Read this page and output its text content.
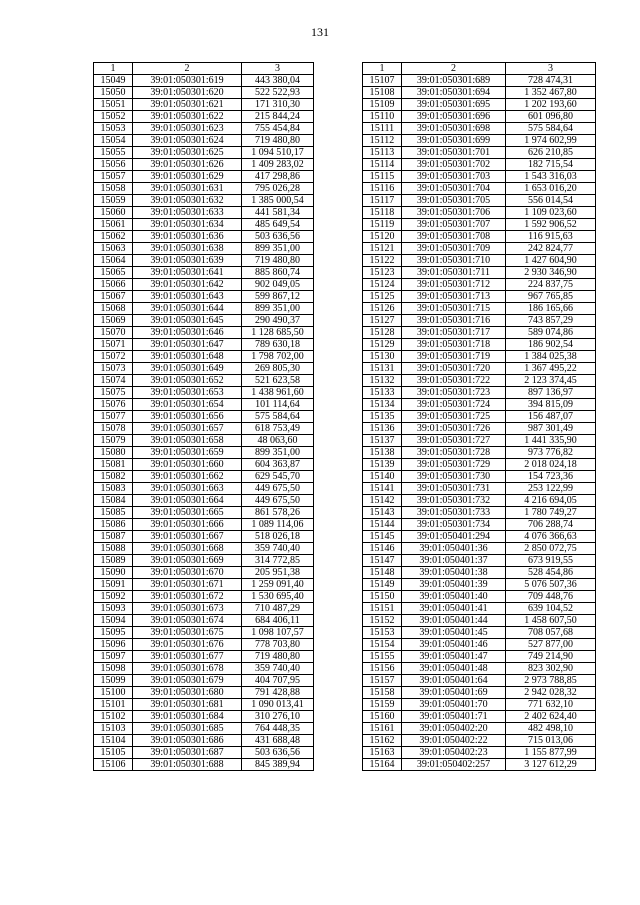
131
1	2	3
15049	39:01:050301:619	443 380,04
15050	39:01:050301:620	522 522,93
15051	39:01:050301:621	171 310,30
15052	39:01:050301:622	215 844,24
15053	39:01:050301:623	755 454,84
15054	39:01:050301:624	719 480,80
15055	39:01:050301:625	1 094 510,17
15056	39:01:050301:626	1 409 283,02
15057	39:01:050301:629	417 298,86
15058	39:01:050301:631	795 026,28
15059	39:01:050301:632	1 385 000,54
15060	39:01:050301:633	441 581,34
15061	39:01:050301:634	485 649,54
15062	39:01:050301:636	503 636,56
15063	39:01:050301:638	899 351,00
15064	39:01:050301:639	719 480,80
15065	39:01:050301:641	885 860,74
15066	39:01:050301:642	902 049,05
15067	39:01:050301:643	599 867,12
15068	39:01:050301:644	899 351,00
15069	39:01:050301:645	290 490,37
15070	39:01:050301:646	1 128 685,50
15071	39:01:050301:647	789 630,18
15072	39:01:050301:648	1 798 702,00
15073	39:01:050301:649	269 805,30
15074	39:01:050301:652	521 623,58
15075	39:01:050301:653	1 438 961,60
15076	39:01:050301:654	101 114,64
15077	39:01:050301:656	575 584,64
15078	39:01:050301:657	618 753,49
15079	39:01:050301:658	48 063,60
15080	39:01:050301:659	899 351,00
15081	39:01:050301:660	604 363,87
15082	39:01:050301:662	629 545,70
15083	39:01:050301:663	449 675,50
15084	39:01:050301:664	449 675,50
15085	39:01:050301:665	861 578,26
15086	39:01:050301:666	1 089 114,06
15087	39:01:050301:667	518 026,18
15088	39:01:050301:668	359 740,40
15089	39:01:050301:669	314 772,85
15090	39:01:050301:670	205 951,38
15091	39:01:050301:671	1 259 091,40
15092	39:01:050301:672	1 530 695,40
15093	39:01:050301:673	710 487,29
15094	39:01:050301:674	684 406,11
15095	39:01:050301:675	1 098 107,57
15096	39:01:050301:676	778 703,80
15097	39:01:050301:677	719 480,80
15098	39:01:050301:678	359 740,40
15099	39:01:050301:679	404 707,95
15100	39:01:050301:680	791 428,88
15101	39:01:050301:681	1 090 013,41
15102	39:01:050301:684	310 276,10
15103	39:01:050301:685	764 448,35
15104	39:01:050301:686	431 688,48
15105	39:01:050301:687	503 636,56
15106	39:01:050301:688	845 389,94
1	2	3
15107	39:01:050301:689	728 474,31
15108	39:01:050301:694	1 352 467,80
15109	39:01:050301:695	1 202 193,60
15110	39:01:050301:696	601 096,80
15111	39:01:050301:698	575 584,64
15112	39:01:050301:699	1 974 602,99
15113	39:01:050301:701	626 210,85
15114	39:01:050301:702	182 715,54
15115	39:01:050301:703	1 543 316,03
15116	39:01:050301:704	1 653 016,20
15117	39:01:050301:705	556 014,54
15118	39:01:050301:706	1 109 023,60
15119	39:01:050301:707	1 592 906,52
15120	39:01:050301:708	116 915,63
15121	39:01:050301:709	242 824,77
15122	39:01:050301:710	1 427 604,90
15123	39:01:050301:711	2 930 346,90
15124	39:01:050301:712	224 837,75
15125	39:01:050301:713	967 765,85
15126	39:01:050301:715	186 165,66
15127	39:01:050301:716	743 857,29
15128	39:01:050301:717	589 074,86
15129	39:01:050301:718	186 902,54
15130	39:01:050301:719	1 384 025,38
15131	39:01:050301:720	1 367 495,22
15132	39:01:050301:722	2 123 374,45
15133	39:01:050301:723	897 136,97
15134	39:01:050301:724	394 815,09
15135	39:01:050301:725	156 487,07
15136	39:01:050301:726	987 301,49
15137	39:01:050301:727	1 441 335,90
15138	39:01:050301:728	973 776,82
15139	39:01:050301:729	2 018 024,18
15140	39:01:050301:730	154 723,36
15141	39:01:050301:731	253 122,99
15142	39:01:050301:732	4 216 694,05
15143	39:01:050301:733	1 780 749,27
15144	39:01:050301:734	706 288,74
15145	39:01:050401:294	4 076 366,63
15146	39:01:050401:36	2 850 072,75
15147	39:01:050401:37	673 919,55
15148	39:01:050401:38	528 454,86
15149	39:01:050401:39	5 076 507,36
15150	39:01:050401:40	709 448,76
15151	39:01:050401:41	639 104,52
15152	39:01:050401:44	1 458 607,50
15153	39:01:050401:45	708 057,68
15154	39:01:050401:46	527 877,00
15155	39:01:050401:47	749 214,90
15156	39:01:050401:48	823 302,90
15157	39:01:050401:64	2 973 788,85
15158	39:01:050401:69	2 942 028,32
15159	39:01:050401:70	771 632,10
15160	39:01:050401:71	2 402 624,40
15161	39:01:050402:20	482 498,10
15162	39:01:050402:22	715 013,06
15163	39:01:050402:23	1 155 877,99
15164	39:01:050402:257	3 127 612,29
